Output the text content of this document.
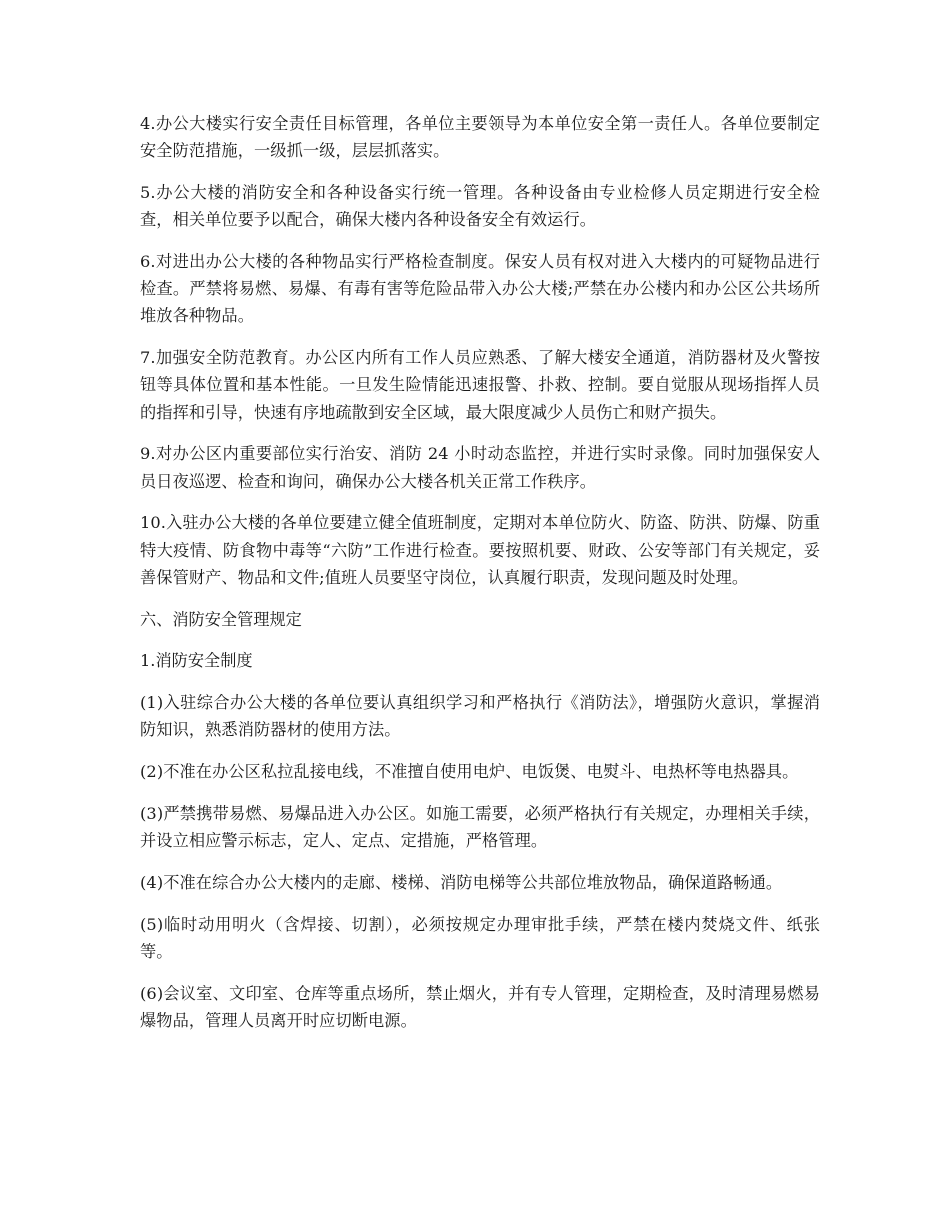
4.办公大楼实行安全责任目标管理，各单位主要领导为本单位安全第一责任人。各单位要制定安全防范措施，一级抓一级，层层抓落实。

5.办公大楼的消防安全和各种设备实行统一管理。各种设备由专业检修人员定期进行安全检查，相关单位要予以配合，确保大楼内各种设备安全有效运行。

6.对进出办公大楼的各种物品实行严格检查制度。保安人员有权对进入大楼内的可疑物品进行检查。严禁将易燃、易爆、有毒有害等危险品带入办公大楼;严禁在办公楼内和办公区公共场所堆放各种物品。

7.加强安全防范教育。办公区内所有工作人员应熟悉、了解大楼安全通道，消防器材及火警按钮等具体位置和基本性能。一旦发生险情能迅速报警、扑救、控制。要自觉服从现场指挥人员的指挥和引导，快速有序地疏散到安全区域，最大限度减少人员伤亡和财产损失。

9.对办公区内重要部位实行治安、消防 24 小时动态监控，并进行实时录像。同时加强保安人员日夜巡逻、检查和询问，确保办公大楼各机关正常工作秩序。

10.入驻办公大楼的各单位要建立健全值班制度，定期对本单位防火、防盗、防洪、防爆、防重特大疫情、防食物中毒等“六防”工作进行检查。要按照机要、财政、公安等部门有关规定，妥善保管财产、物品和文件;值班人员要坚守岗位，认真履行职责，发现问题及时处理。

六、消防安全管理规定

1.消防安全制度

(1)入驻综合办公大楼的各单位要认真组织学习和严格执行《消防法》，增强防火意识，掌握消防知识，熟悉消防器材的使用方法。

(2)不准在办公区私拉乱接电线，不准擅自使用电炉、电饭煲、电熨斗、电热杯等电热器具。

(3)严禁携带易燃、易爆品进入办公区。如施工需要，必须严格执行有关规定，办理相关手续，并设立相应警示标志，定人、定点、定措施，严格管理。

(4)不准在综合办公大楼内的走廊、楼梯、消防电梯等公共部位堆放物品，确保道路畅通。

(5)临时动用明火（含焊接、切割），必须按规定办理审批手续，严禁在楼内焚烧文件、纸张等。

(6)会议室、文印室、仓库等重点场所，禁止烟火，并有专人管理，定期检查，及时清理易燃易爆物品，管理人员离开时应切断电源。
